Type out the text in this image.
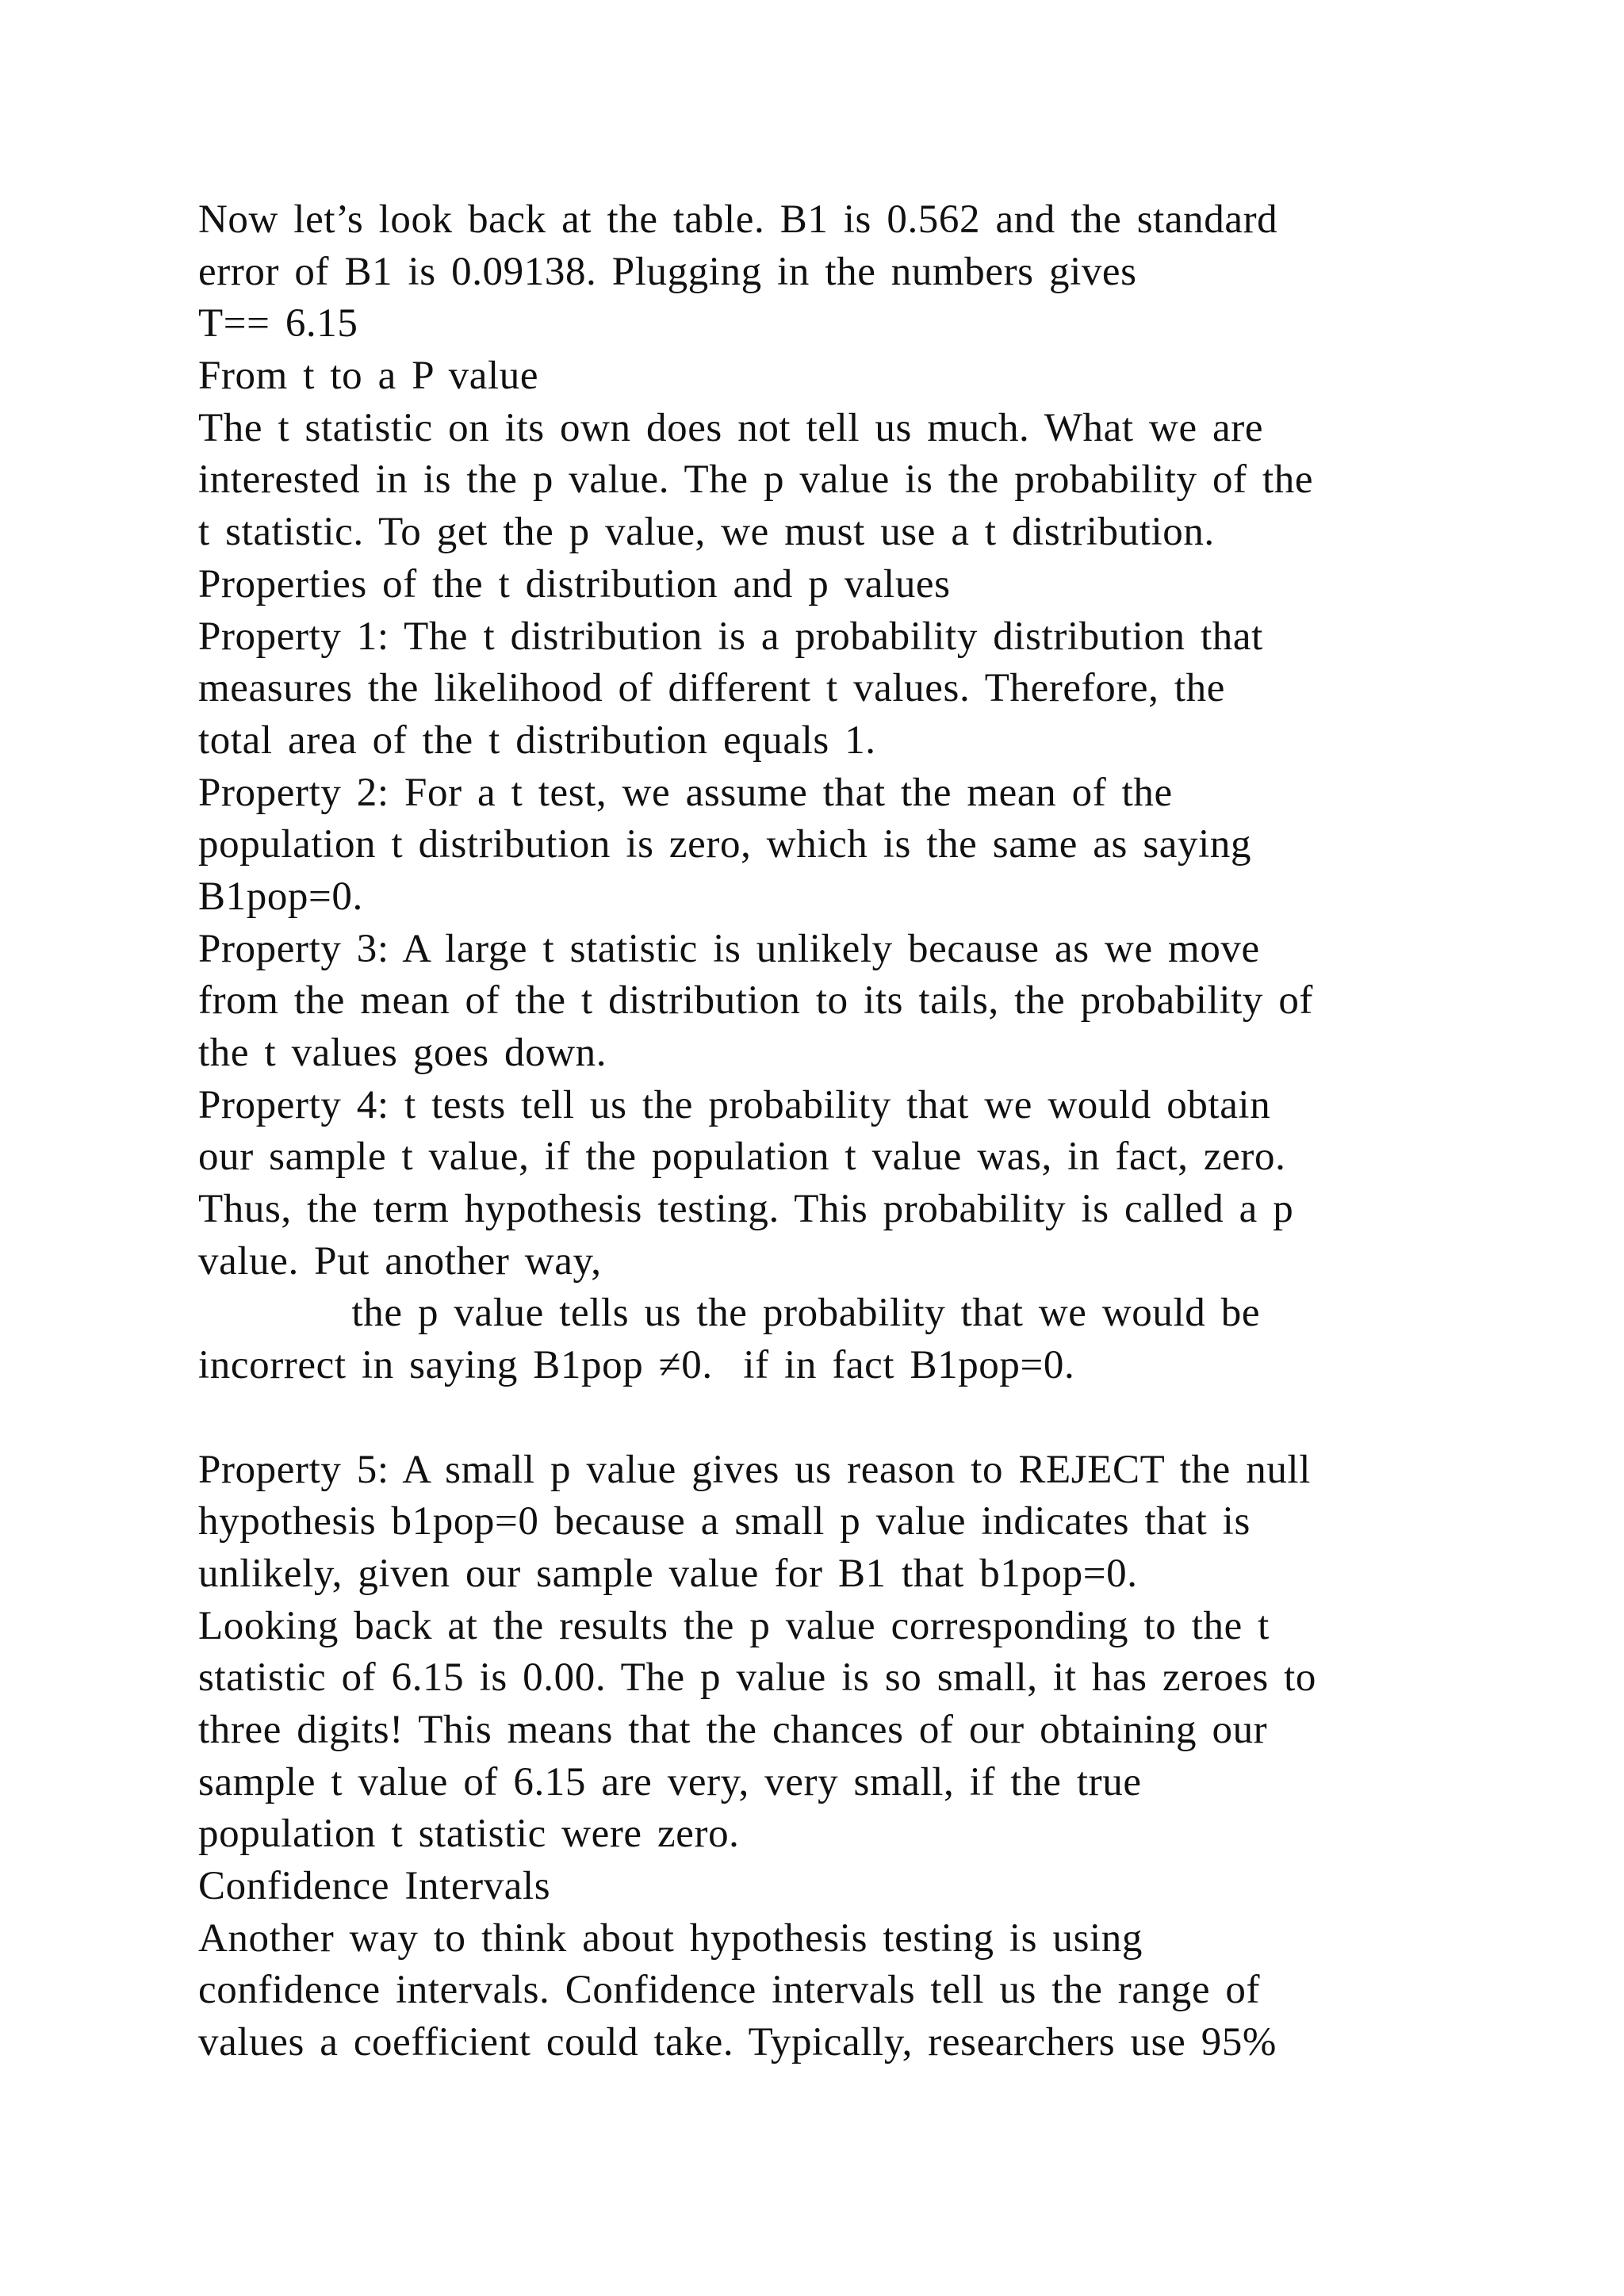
Now let’s look back at the table. B1 is 0.562 and the standard
error of B1 is 0.09138. Plugging in the numbers gives
T== 6.15
From t to a P value
The t statistic on its own does not tell us much. What we are
interested in is the p value. The p value is the probability of the
t statistic. To get the p value, we must use a t distribution.
Properties of the t distribution and p values
Property 1: The t distribution is a probability distribution that
measures the likelihood of different t values. Therefore, the
total area of the t distribution equals 1.
Property 2: For a t test, we assume that the mean of the
population t distribution is zero, which is the same as saying
B1pop=0.
Property 3: A large t statistic is unlikely because as we move
from the mean of the t distribution to its tails, the probability of
the t values goes down.
Property 4: t tests tell us the probability that we would obtain
our sample t value, if the population t value was, in fact, zero.
Thus, the term hypothesis testing. This probability is called a p
value. Put another way,
the p value tells us the probability that we would be
incorrect in saying B1pop ≠0.  if in fact B1pop=0.
Property 5: A small p value gives us reason to REJECT the null
hypothesis b1pop=0 because a small p value indicates that is
unlikely, given our sample value for B1 that b1pop=0.
Looking back at the results the p value corresponding to the t
statistic of 6.15 is 0.00. The p value is so small, it has zeroes to
three digits! This means that the chances of our obtaining our
sample t value of 6.15 are very, very small, if the true
population t statistic were zero.
Confidence Intervals
Another way to think about hypothesis testing is using
confidence intervals. Confidence intervals tell us the range of
values a coefficient could take. Typically, researchers use 95%
